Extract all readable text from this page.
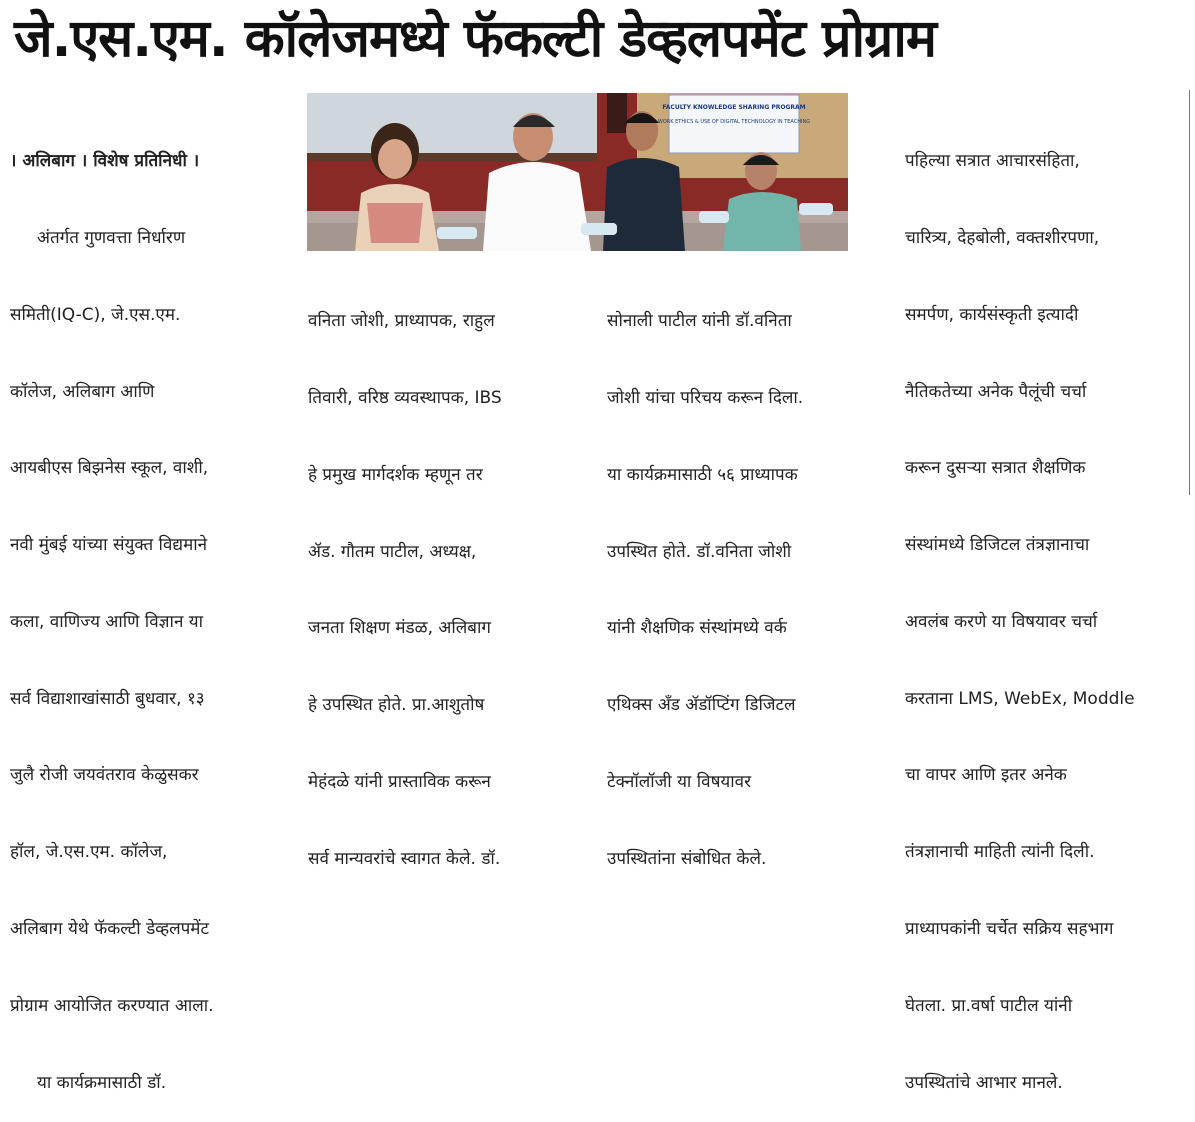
जे.एस.एम. कॉलेजमध्ये फॅकल्टी डेव्हलपमेंट प्रोग्राम

। अलिबाग । विशेष प्रतिनिधी ।

अंतर्गत गुणवत्ता निर्धारण

समिती(IQ-C), जे.एस.एम.

कॉलेज, अलिबाग आणि

आयबीएस बिझनेस स्कूल, वाशी,

नवी मुंबई यांच्या संयुक्त विद्यमाने

कला, वाणिज्य आणि विज्ञान या

सर्व विद्याशाखांसाठी बुधवार, १३

जुलै रोजी जयवंतराव केळुसकर

हॉल, जे.एस.एम. कॉलेज,

अलिबाग येथे फॅकल्टी डेव्हलपमेंट

प्रोग्राम आयोजित करण्यात आला.

या कार्यक्रमासाठी डॉ.

FACULTY KNOWLEDGE SHARING PROGRAM
WORK ETHICS & USE OF DIGITAL TECHNOLOGY IN TEACHING

वनिता जोशी, प्राध्यापक, राहुल

तिवारी, वरिष्ठ व्यवस्थापक, IBS

हे प्रमुख मार्गदर्शक म्हणून तर

ॲड. गौतम पाटील, अध्यक्ष,

जनता शिक्षण मंडळ, अलिबाग

हे उपस्थित होते. प्रा.आशुतोष

मेहंदळे यांनी प्रास्ताविक करून

सर्व मान्यवरांचे स्वागत केले. डॉ.

सोनाली पाटील यांनी डॉ.वनिता

जोशी यांचा परिचय करून दिला.

या कार्यक्रमासाठी ५६ प्राध्यापक

उपस्थित होते. डॉ.वनिता जोशी

यांनी शैक्षणिक संस्थांमध्ये वर्क

एथिक्स अँड ॲडॉप्टिंग डिजिटल

टेक्नॉलॉजी या विषयावर

उपस्थितांना संबोधित केले.

पहिल्या सत्रात आचारसंहिता,

चारित्र्य, देहबोली, वक्तशीरपणा,

समर्पण, कार्यसंस्कृती इत्यादी

नैतिकतेच्या अनेक पैलूंची चर्चा

करून दुसऱ्या सत्रात शैक्षणिक

संस्थांमध्ये डिजिटल तंत्रज्ञानाचा

अवलंब करणे या विषयावर चर्चा

करताना LMS, WebEx, Moddle

चा वापर आणि इतर अनेक

तंत्रज्ञानाची माहिती त्यांनी दिली.

प्राध्यापकांनी चर्चेत सक्रिय सहभाग

घेतला. प्रा.वर्षा पाटील यांनी

उपस्थितांचे आभार मानले.
